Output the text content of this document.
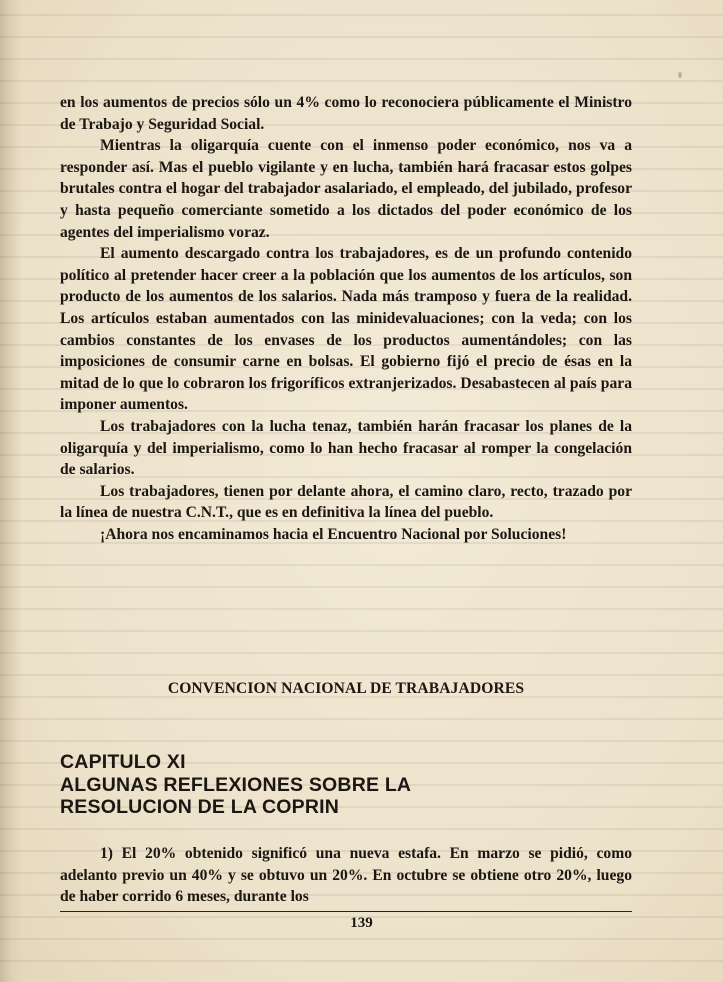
en los aumentos de precios sólo un 4% como lo reconociera públicamente el Ministro de Trabajo y Seguridad Social.

Mientras la oligarquía cuente con el inmenso poder económico, nos va a responder así. Mas el pueblo vigilante y en lucha, también hará fracasar estos golpes brutales contra el hogar del trabajador asalariado, el empleado, del jubilado, profesor y hasta pequeño comerciante sometido a los dictados del poder económico de los agentes del imperialismo voraz.

El aumento descargado contra los trabajadores, es de un profundo contenido político al pretender hacer creer a la población que los aumentos de los artículos, son producto de los aumentos de los salarios. Nada más tramposo y fuera de la realidad. Los artículos estaban aumentados con las minidevaluaciones; con la veda; con los cambios constantes de los envases de los productos aumentándoles; con las imposiciones de consumir carne en bolsas. El gobierno fijó el precio de ésas en la mitad de lo que lo cobraron los frigoríficos extranjerizados. Desabastecen al país para imponer aumentos.

Los trabajadores con la lucha tenaz, también harán fracasar los planes de la oligarquía y del imperialismo, como lo han hecho fracasar al romper la congelación de salarios.

Los trabajadores, tienen por delante ahora, el camino claro, recto, trazado por la línea de nuestra C.N.T., que es en definitiva la línea del pueblo.

¡Ahora nos encaminamos hacia el Encuentro Nacional por Soluciones!

CONVENCION NACIONAL DE TRABAJADORES
CAPITULO XI
ALGUNAS REFLEXIONES SOBRE LA
RESOLUCION DE LA COPRIN

1) El 20% obtenido significó una nueva estafa. En marzo se pidió, como adelanto previo un 40% y se obtuvo un 20%. En octubre se obtiene otro 20%, luego de haber corrido 6 meses, durante los

139
